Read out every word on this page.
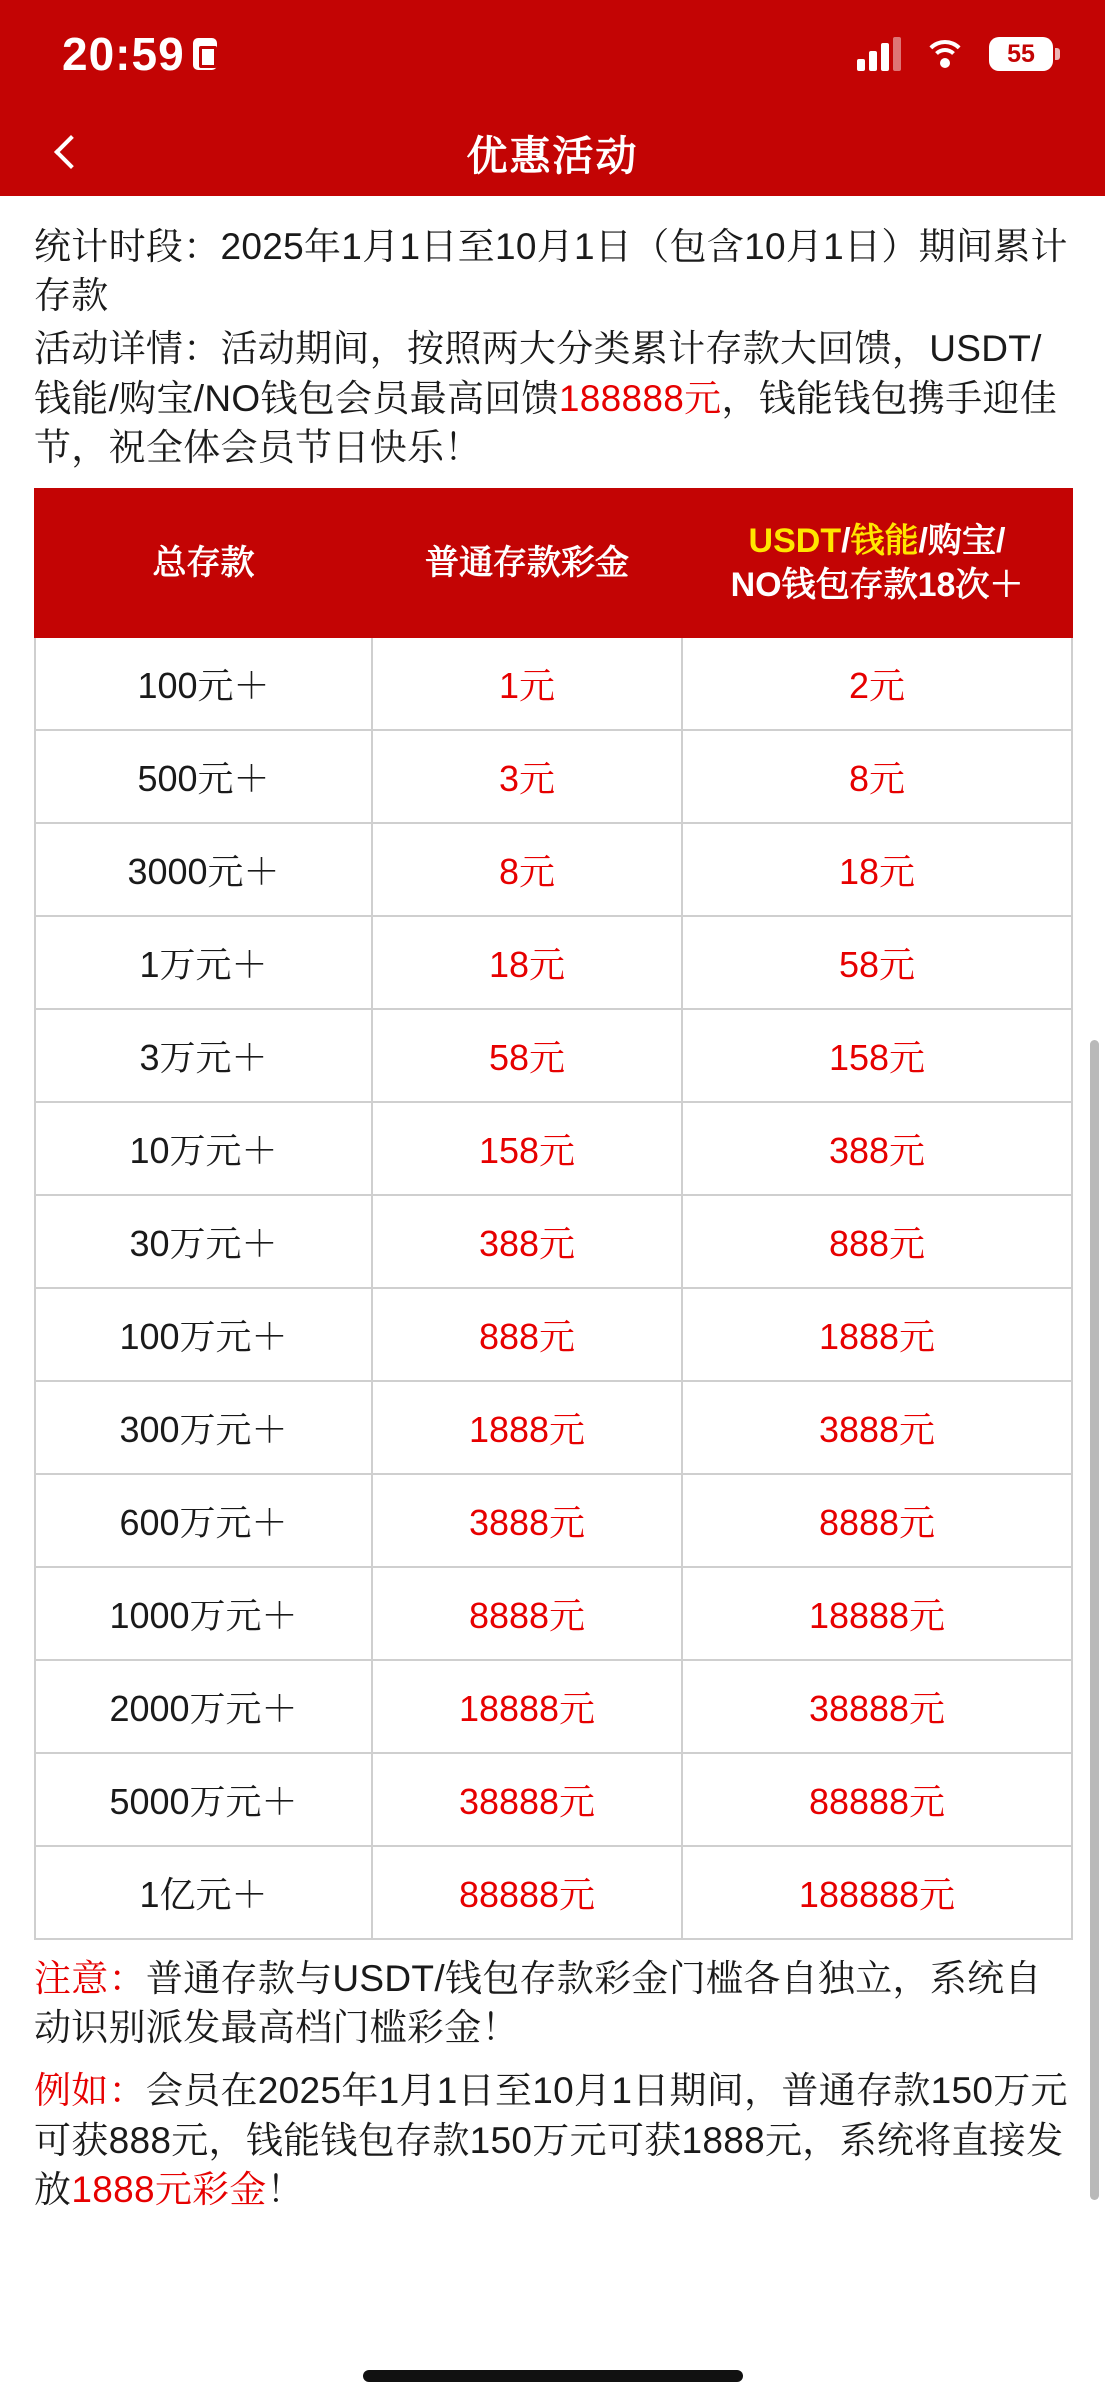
20:59	55
优惠活动
统计时段：2025年1月1日至10月1日（包含10月1日）期间累计存款
活动详情：活动期间，按照两大分类累计存款大回馈，USDT/钱能/购宝/NO钱包会员最高回馈188888元，钱能钱包携手迎佳节，祝全体会员节日快乐！
总存款	普通存款彩金	USDT/钱能/购宝/
NO钱包存款18次＋
100元＋	1元	2元
500元＋	3元	8元
3000元＋	8元	18元
1万元＋	18元	58元
3万元＋	58元	158元
10万元＋	158元	388元
30万元＋	388元	888元
100万元＋	888元	1888元
300万元＋	1888元	3888元
600万元＋	3888元	8888元
1000万元＋	8888元	18888元
2000万元＋	18888元	38888元
5000万元＋	38888元	88888元
1亿元＋	88888元	188888元
注意：普通存款与USDT/钱包存款彩金门槛各自独立，系统自动识别派发最高档门槛彩金！
例如：会员在2025年1月1日至10月1日期间，普通存款150万元可获888元，钱能钱包存款150万元可获1888元，系统将直接发放1888元彩金！
